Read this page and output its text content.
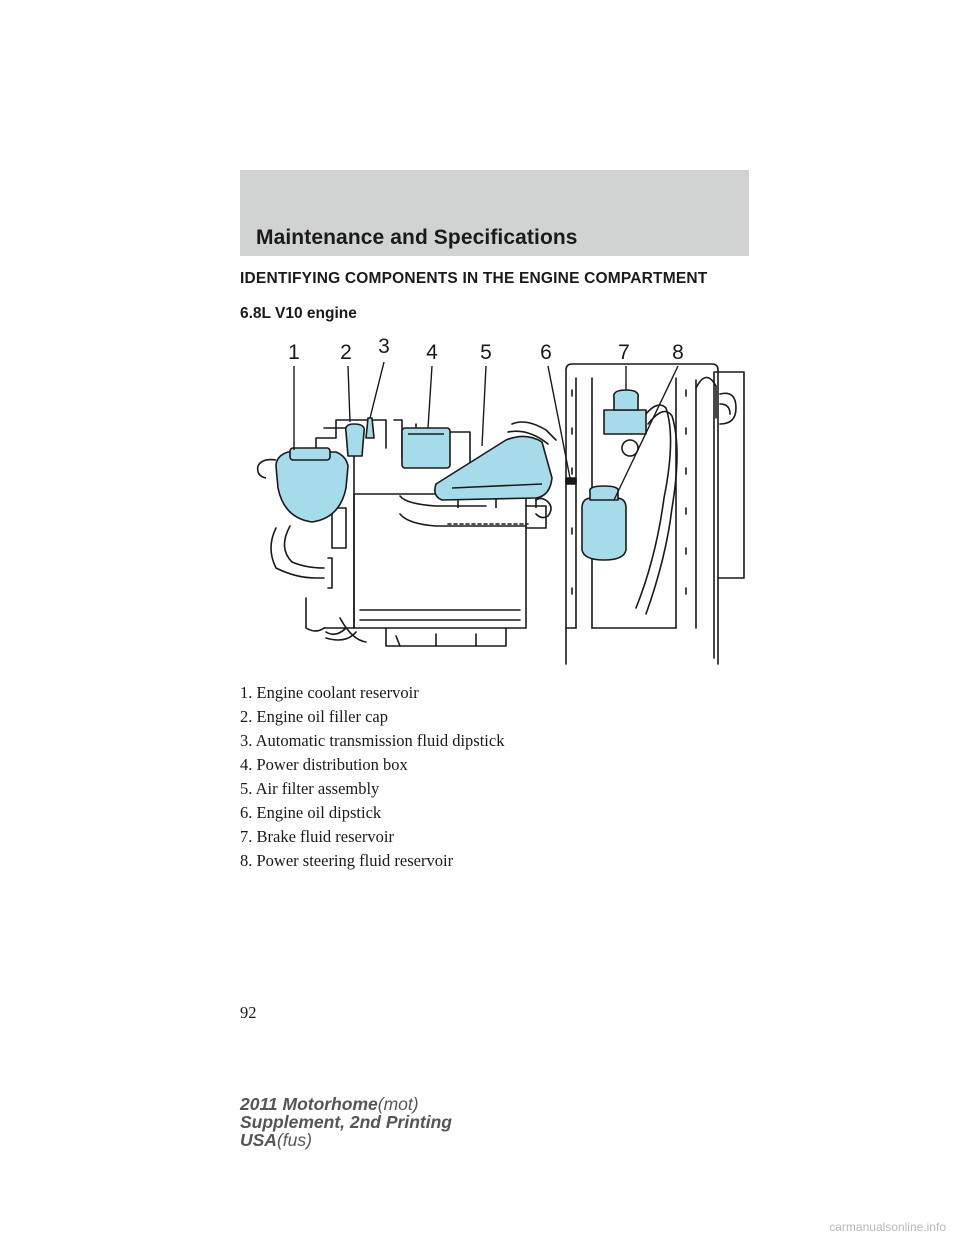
Maintenance and Specifications
IDENTIFYING COMPONENTS IN THE ENGINE COMPARTMENT
6.8L V10 engine
1 2 3 4 5 6	7 8
1. Engine coolant reservoir
2. Engine oil filler cap
3. Automatic transmission fluid dipstick
4. Power distribution box
5. Air filter assembly
6. Engine oil dipstick
7. Brake fluid reservoir
8. Power steering fluid reservoir
92
2011 Motorhome(mot)
Supplement, 2nd Printing
USA(fus)
carmanualsonline.info
